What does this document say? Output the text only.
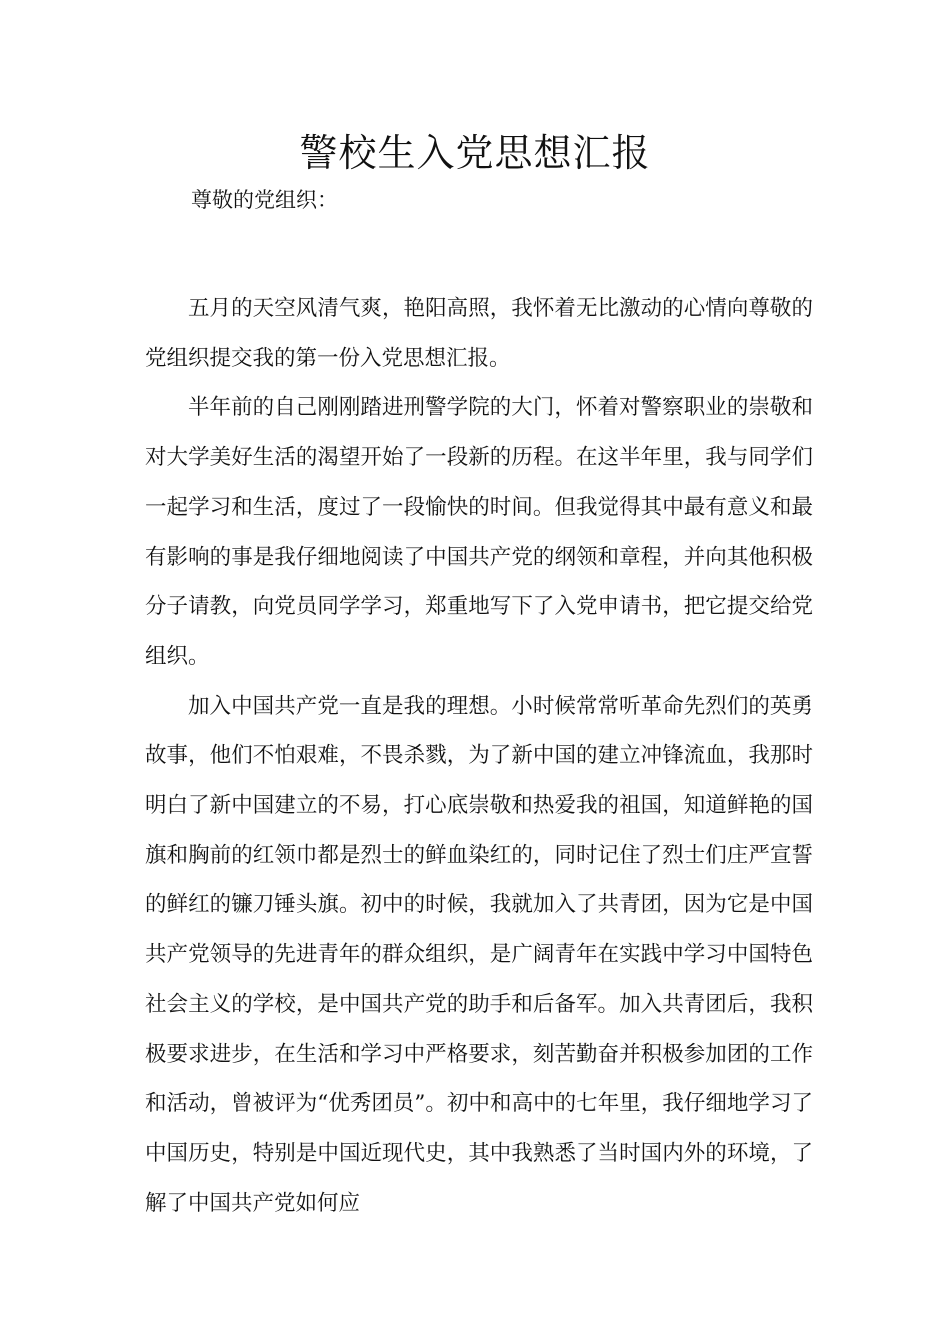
警校生入党思想汇报

尊敬的党组织：

五月的天空风清气爽，艳阳高照，我怀着无比激动的心情向尊敬的党组织提交我的第一份入党思想汇报。

半年前的自己刚刚踏进刑警学院的大门，怀着对警察职业的崇敬和对大学美好生活的渴望开始了一段新的历程。在这半年里，我与同学们一起学习和生活，度过了一段愉快的时间。但我觉得其中最有意义和最有影响的事是我仔细地阅读了中国共产党的纲领和章程，并向其他积极分子请教，向党员同学学习，郑重地写下了入党申请书，把它提交给党组织。

加入中国共产党一直是我的理想。小时候常常听革命先烈们的英勇故事，他们不怕艰难，不畏杀戮，为了新中国的建立冲锋流血，我那时明白了新中国建立的不易，打心底崇敬和热爱我的祖国，知道鲜艳的国旗和胸前的红领巾都是烈士的鲜血染红的，同时记住了烈士们庄严宣誓的鲜红的镰刀锤头旗。初中的时候，我就加入了共青团，因为它是中国共产党领导的先进青年的群众组织，是广阔青年在实践中学习中国特色社会主义的学校，是中国共产党的助手和后备军。加入共青团后，我积极要求进步，在生活和学习中严格要求，刻苦勤奋并积极参加团的工作和活动，曾被评为“优秀团员”。初中和高中的七年里，我仔细地学习了中国历史，特别是中国近现代史，其中我熟悉了当时国内外的环境，了解了中国共产党如何应
